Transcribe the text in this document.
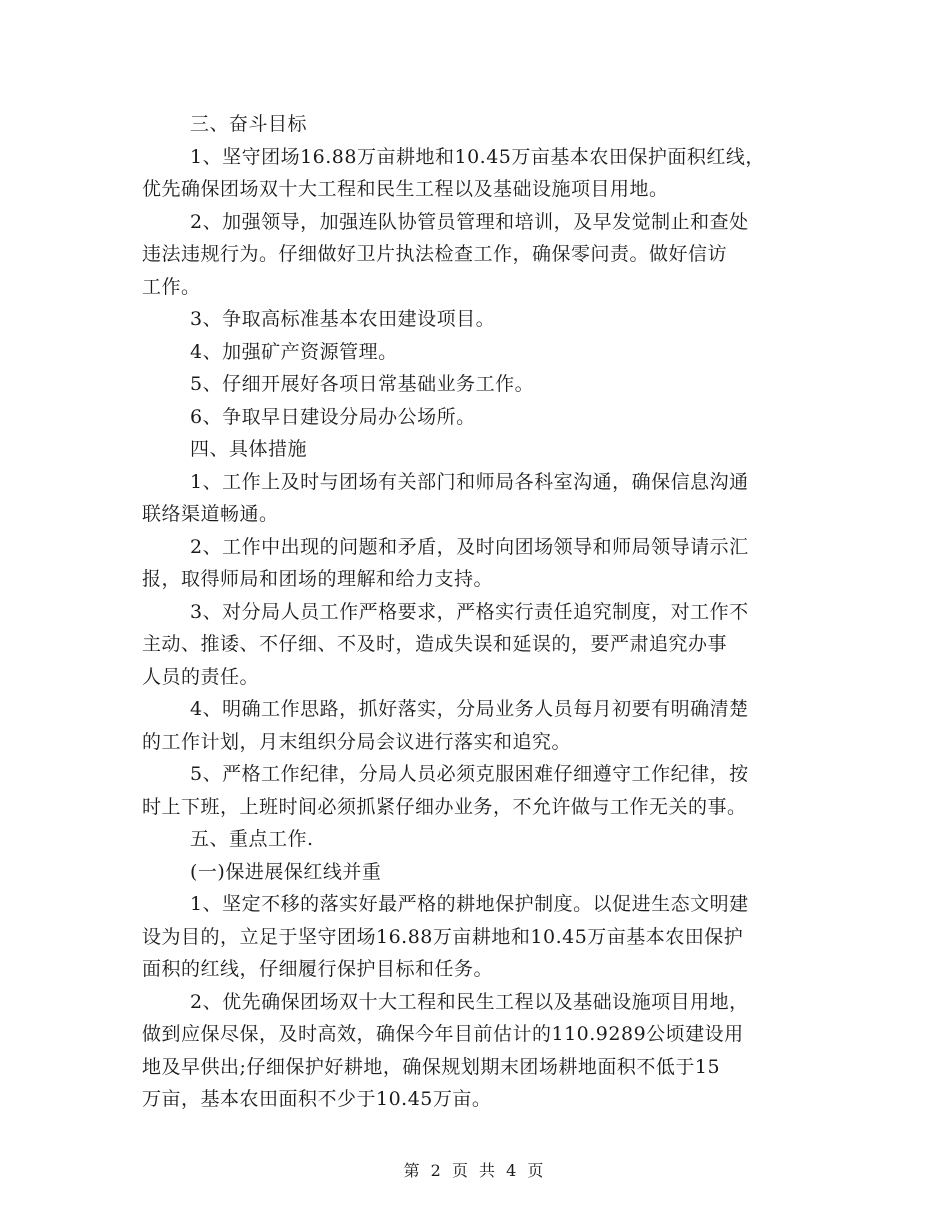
三、奋斗目标
1、坚守团场16.88万亩耕地和10.45万亩基本农田保护面积红线，
优先确保团场双十大工程和民生工程以及基础设施项目用地。
2、加强领导，加强连队协管员管理和培训，及早发觉制止和查处
违法违规行为。仔细做好卫片执法检查工作，确保零问责。做好信访
工作。
3、争取高标准基本农田建设项目。
4、加强矿产资源管理。
5、仔细开展好各项日常基础业务工作。
6、争取早日建设分局办公场所。
四、具体措施
1、工作上及时与团场有关部门和师局各科室沟通，确保信息沟通
联络渠道畅通。
2、工作中出现的问题和矛盾，及时向团场领导和师局领导请示汇
报，取得师局和团场的理解和给力支持。
3、对分局人员工作严格要求，严格实行责任追究制度，对工作不
主动、推诿、不仔细、不及时，造成失误和延误的，要严肃追究办事
人员的责任。
4、明确工作思路，抓好落实，分局业务人员每月初要有明确清楚
的工作计划，月末组织分局会议进行落实和追究。
5、严格工作纪律，分局人员必须克服困难仔细遵守工作纪律，按
时上下班，上班时间必须抓紧仔细办业务，不允许做与工作无关的事。
五、重点工作.
(一)保进展保红线并重
1、坚定不移的落实好最严格的耕地保护制度。以促进生态文明建
设为目的，立足于坚守团场16.88万亩耕地和10.45万亩基本农田保护
面积的红线，仔细履行保护目标和任务。
2、优先确保团场双十大工程和民生工程以及基础设施项目用地，
做到应保尽保，及时高效，确保今年目前估计的110.9289公顷建设用
地及早供出;仔细保护好耕地，确保规划期末团场耕地面积不低于15
万亩，基本农田面积不少于10.45万亩。
第 2 页 共 4 页
